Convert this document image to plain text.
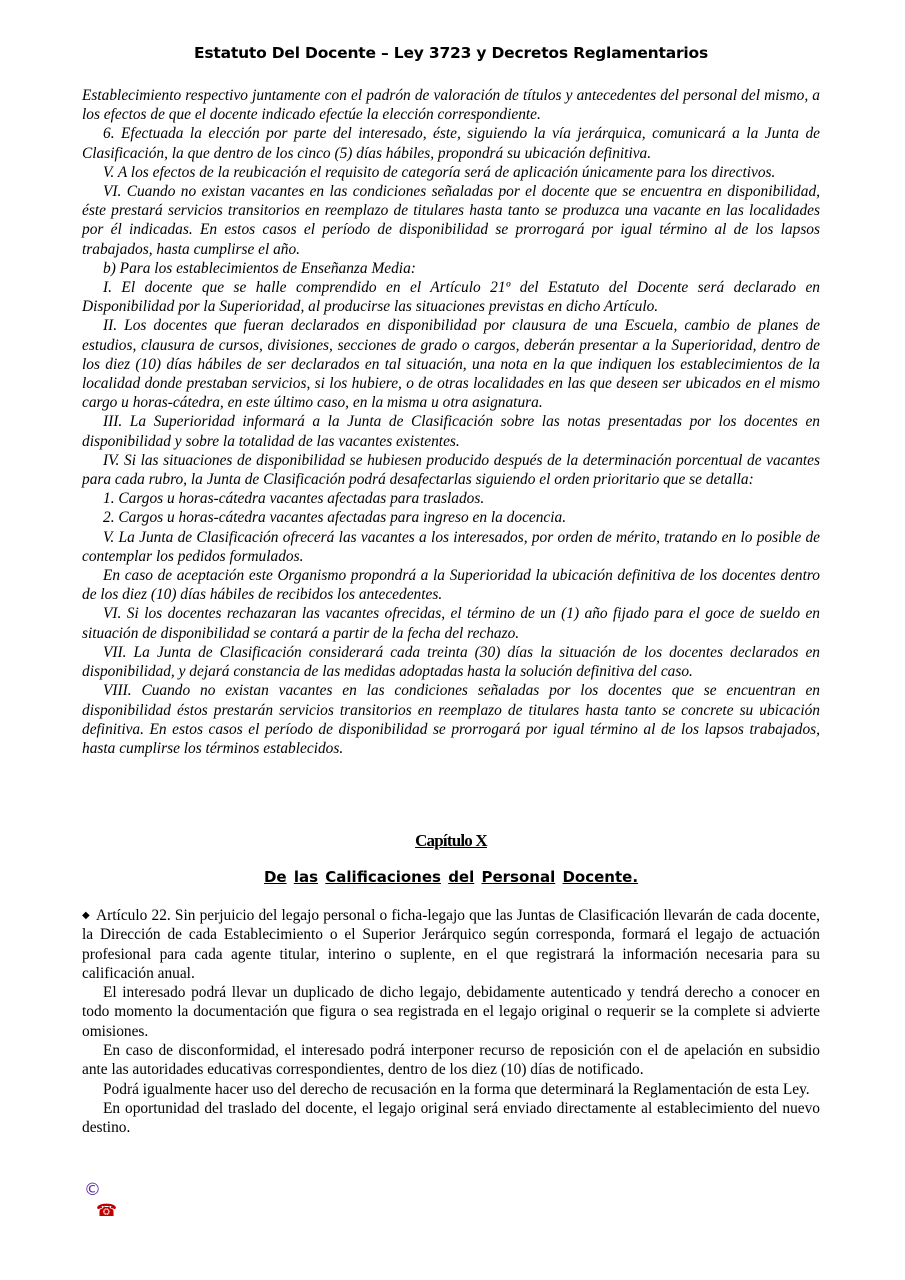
Estatuto Del Docente – Ley 3723 y Decretos Reglamentarios

Establecimiento respectivo juntamente con el padrón de valoración de títulos y antecedentes del personal del mismo, a los efectos de que el docente indicado efectúe la elección correspondiente.

6. Efectuada la elección por parte del interesado, éste, siguiendo la vía jerárquica, comunicará a la Junta de Clasificación, la que dentro de los cinco (5) días hábiles, propondrá su ubicación definitiva.

V. A los efectos de la reubicación el requisito de categoría será de aplicación únicamente para los directivos.

VI. Cuando no existan vacantes en las condiciones señaladas por el docente que se encuentra en disponibilidad, éste prestará servicios transitorios en reemplazo de titulares hasta tanto se produzca una vacante en las localidades por él indicadas. En estos casos el período de disponibilidad se prorrogará por igual término al de los lapsos trabajados, hasta cumplirse el año.

b) Para los establecimientos de Enseñanza Media:

I. El docente que se halle comprendido en el Artículo 21º del Estatuto del Docente será declarado en Disponibilidad por la Superioridad, al producirse las situaciones previstas en dicho Artículo.

II. Los docentes que fueran declarados en disponibilidad por clausura de una Escuela, cambio de planes de estudios, clausura de cursos, divisiones, secciones de grado o cargos, deberán presentar a la Superioridad, dentro de los diez (10) días hábiles de ser declarados en tal situación, una nota en la que indiquen los establecimientos de la localidad donde prestaban servicios, si los hubiere, o de otras localidades en las que deseen ser ubicados en el mismo cargo u horas-cátedra, en este último caso, en la misma u otra asignatura.

III. La Superioridad informará a la Junta de Clasificación sobre las notas presentadas por los docentes en disponibilidad y sobre la totalidad de las vacantes existentes.

IV. Si las situaciones de disponibilidad se hubiesen producido después de la determinación porcentual de vacantes para cada rubro, la Junta de Clasificación podrá desafectarlas siguiendo el orden prioritario que se detalla:

1. Cargos u horas-cátedra vacantes afectadas para traslados.

2. Cargos u horas-cátedra vacantes afectadas para ingreso en la docencia.

V. La Junta de Clasificación ofrecerá las vacantes a los interesados, por orden de mérito, tratando en lo posible de contemplar los pedidos formulados.

En caso de aceptación este Organismo propondrá a la Superioridad la ubicación definitiva de los docentes dentro de los diez (10) días hábiles de recibidos los antecedentes.

VI. Si los docentes rechazaran las vacantes ofrecidas, el término de un (1) año fijado para el goce de sueldo en situación de disponibilidad se contará a partir de la fecha del rechazo.

VII. La Junta de Clasificación considerará cada treinta (30) días la situación de los docentes declarados en disponibilidad, y dejará constancia de las medidas adoptadas hasta la solución definitiva del caso.

VIII. Cuando no existan vacantes en las condiciones señaladas por los docentes que se encuentran en disponibilidad éstos prestarán servicios transitorios en reemplazo de titulares hasta tanto se concrete su ubicación definitiva. En estos casos el período de disponibilidad se prorrogará por igual término al de los lapsos trabajados, hasta cumplirse los términos establecidos.

Capítulo X
De las Calificaciones del Personal Docente.

◆ Artículo 22. Sin perjuicio del legajo personal o ficha-legajo que las Juntas de Clasificación llevarán de cada docente, la Dirección de cada Establecimiento o el Superior Jerárquico según corresponda, formará el legajo de actuación profesional para cada agente titular, interino o suplente, en el que registrará la información necesaria para su calificación anual.

El interesado podrá llevar un duplicado de dicho legajo, debidamente autenticado y tendrá derecho a conocer en todo momento la documentación que figura o sea registrada en el legajo original o requerir se la complete si advierte omisiones.

En caso de disconformidad, el interesado podrá interponer recurso de reposición con el de apelación en subsidio ante las autoridades educativas correspondientes, dentro de los diez (10) días de notificado.

Podrá igualmente hacer uso del derecho de recusación en la forma que determinará la Reglamentación de esta Ley.

En oportunidad del traslado del docente, el legajo original será enviado directamente al establecimiento del nuevo destino.

©
☎
